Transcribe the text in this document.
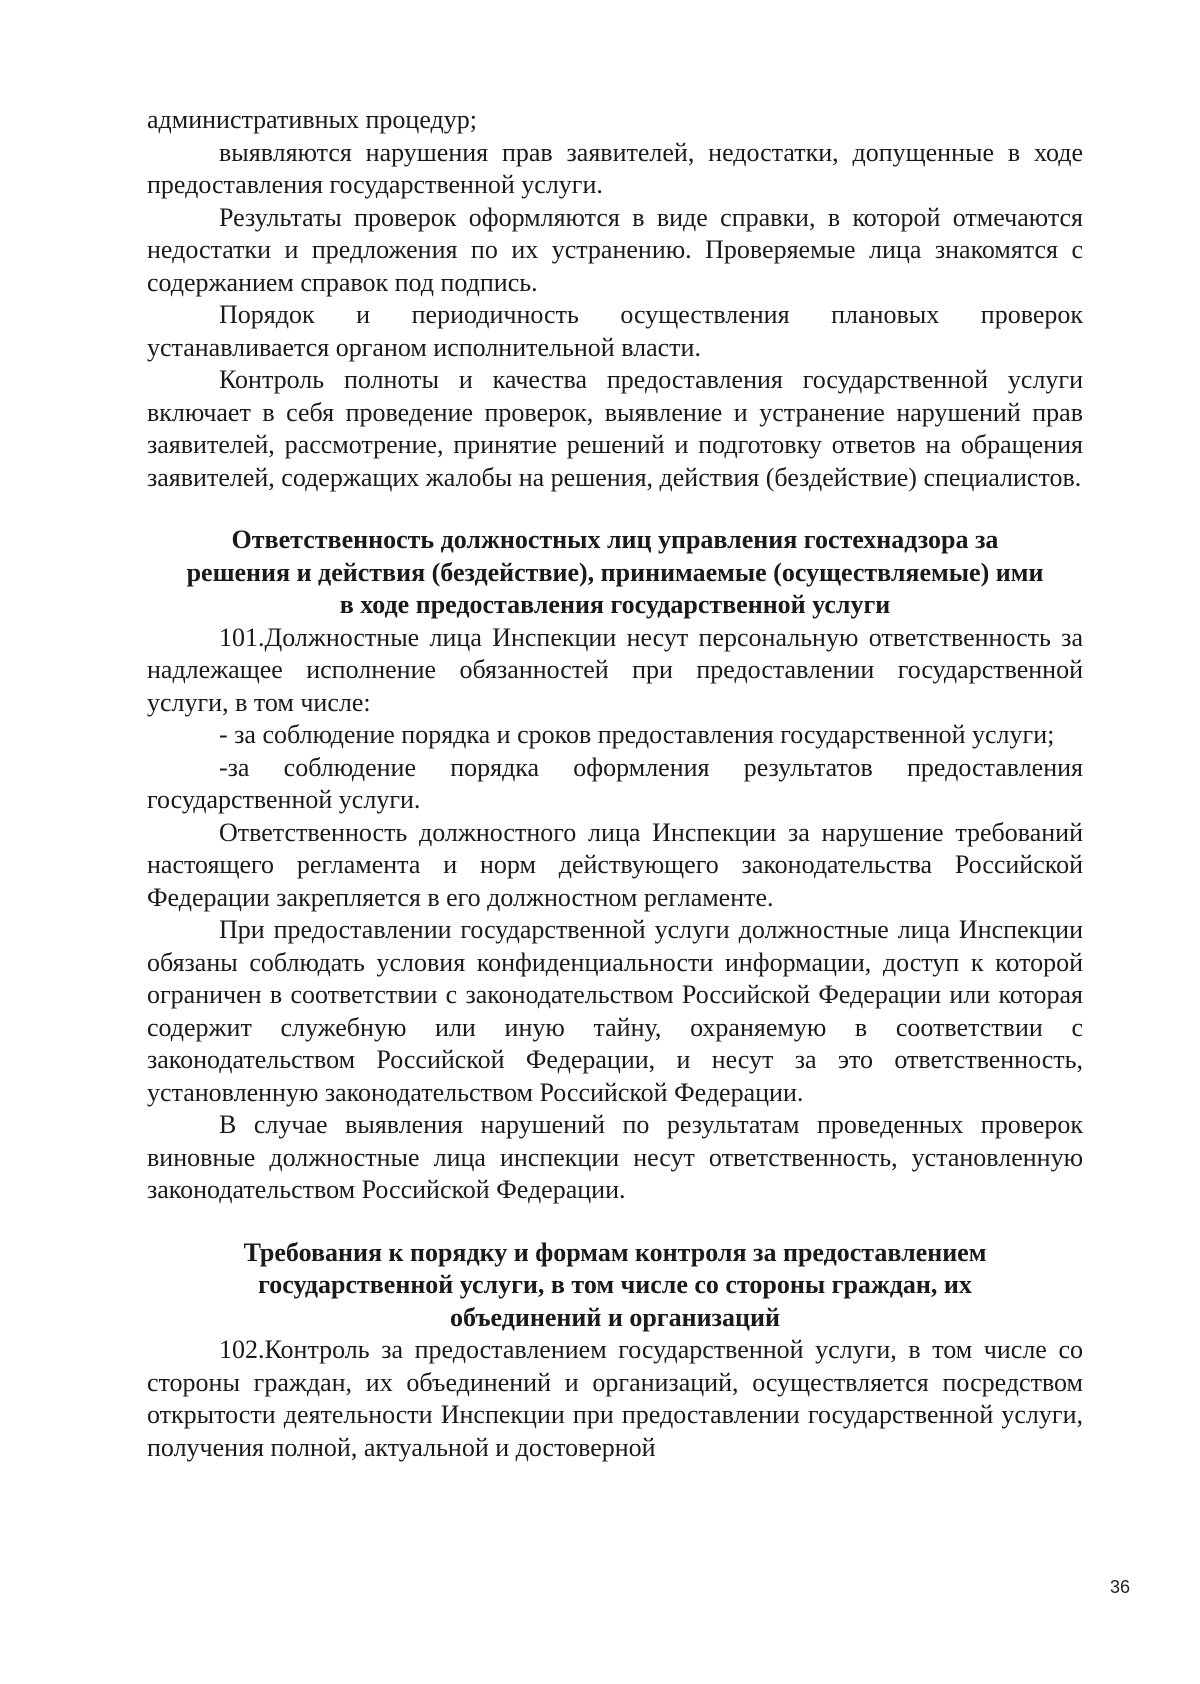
административных процедур;

выявляются нарушения прав заявителей, недостатки, допущенные в ходе предоставления государственной услуги.

Результаты проверок оформляются в виде справки, в которой отмечаются недостатки и предложения по их устранению. Проверяемые лица знакомятся с содержанием справок под подпись.

Порядок и периодичность осуществления плановых проверок устанавливается органом исполнительной власти.

Контроль полноты и качества предоставления государственной услуги включает в себя проведение проверок, выявление и устранение нарушений прав заявителей, рассмотрение, принятие решений и подготовку ответов на обращения заявителей, содержащих жалобы на решения, действия (бездействие) специалистов.

Ответственность должностных лиц управления гостехнадзора за

решения и действия (бездействие), принимаемые (осуществляемые) ими

в ходе предоставления государственной услуги

101.Должностные лица Инспекции несут персональную ответственность за надлежащее исполнение обязанностей при предоставлении государственной услуги, в том числе:

- за соблюдение порядка и сроков предоставления государственной услуги;

-за соблюдение порядка оформления результатов предоставления государственной услуги.

Ответственность должностного лица Инспекции за нарушение требований настоящего регламента и норм действующего законодательства Российской Федерации закрепляется в его должностном регламенте.

При предоставлении государственной услуги должностные лица Инспекции обязаны соблюдать условия конфиденциальности информации, доступ к которой ограничен в соответствии с законодательством Российской Федерации или которая содержит служебную или иную тайну, охраняемую в соответствии с законодательством Российской Федерации, и несут за это ответственность, установленную законодательством Российской Федерации.

В случае выявления нарушений по результатам проведенных проверок виновные должностные лица инспекции несут ответственность, установленную законодательством Российской Федерации.

Требования к порядку и формам контроля за предоставлением

государственной услуги, в том числе со стороны граждан, их

объединений и организаций

102.Контроль за предоставлением государственной услуги, в том числе со стороны граждан, их объединений и организаций, осуществляется посредством открытости деятельности Инспекции при предоставлении государственной услуги, получения полной, актуальной и достоверной

36
